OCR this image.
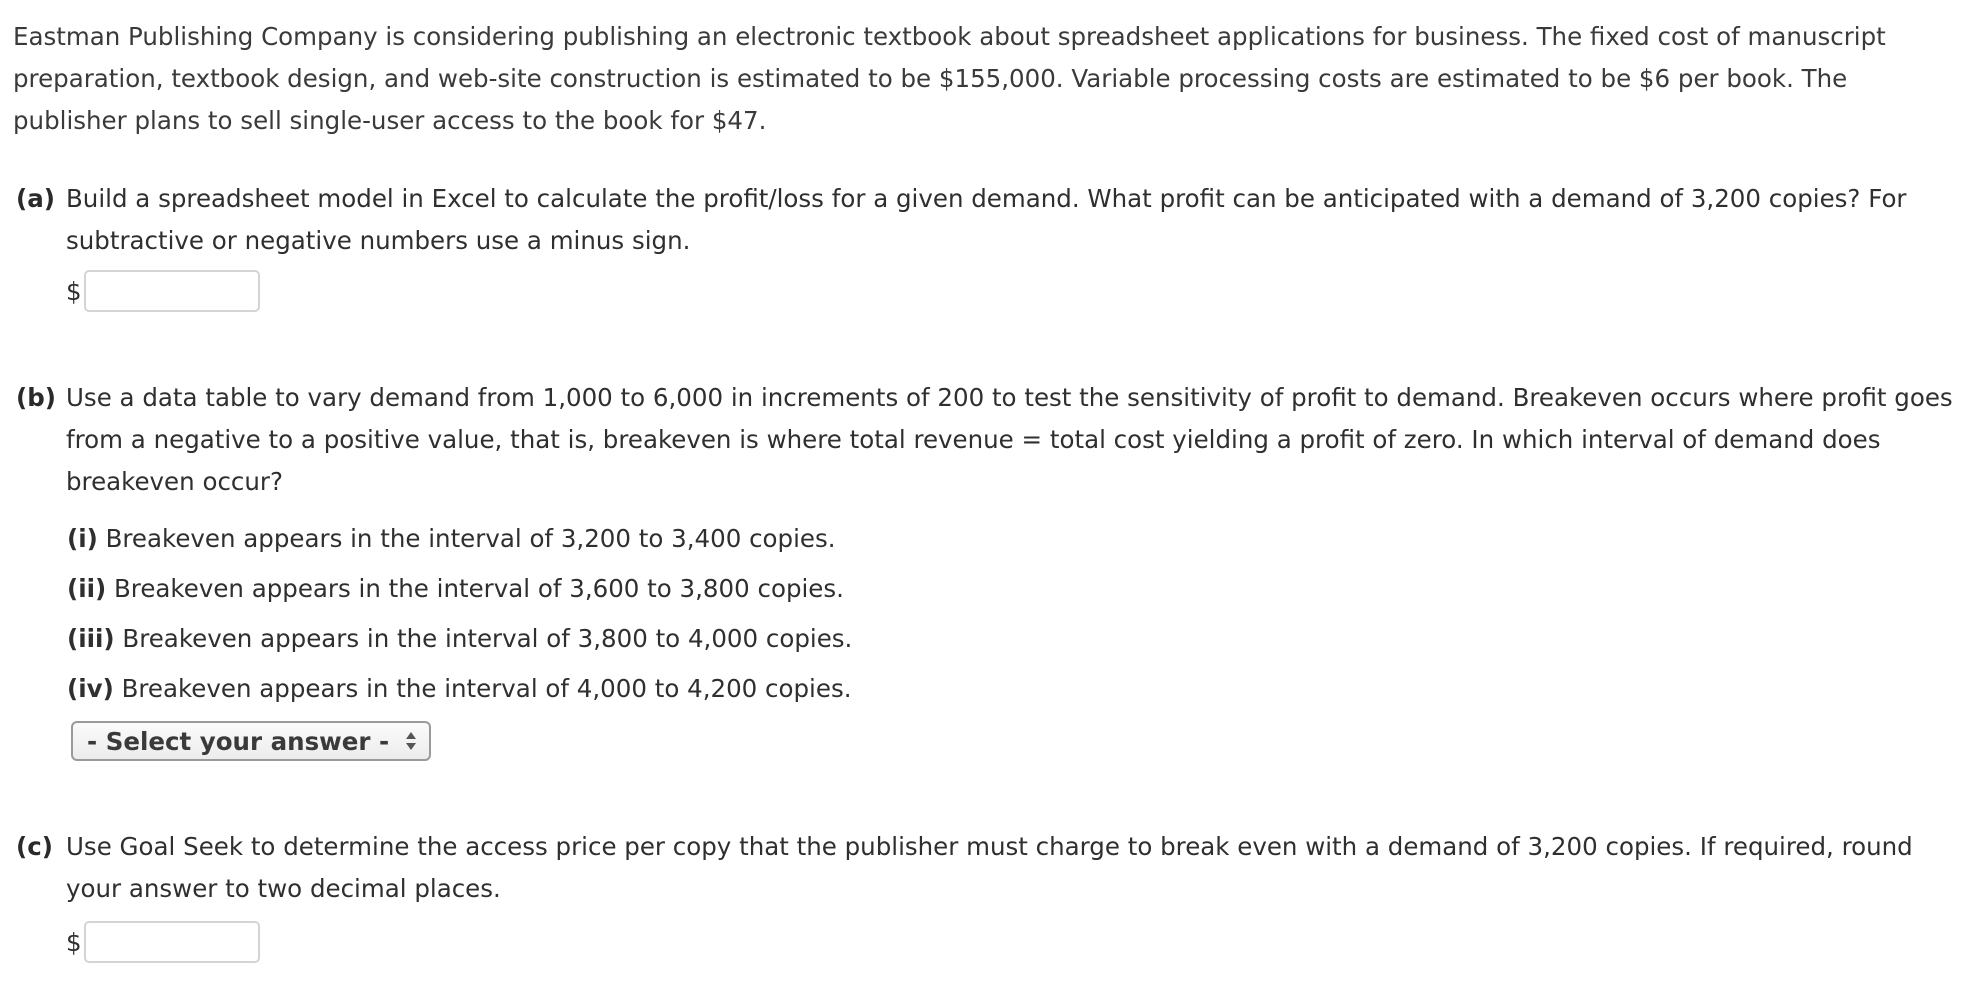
Eastman Publishing Company is considering publishing an electronic textbook about spreadsheet applications for business. The fixed cost of manuscript preparation, textbook design, and web-site construction is estimated to be $155,000. Variable processing costs are estimated to be $6 per book. The publisher plans to sell single-user access to the book for $47.
(a) Build a spreadsheet model in Excel to calculate the profit/loss for a given demand. What profit can be anticipated with a demand of 3,200 copies? For subtractive or negative numbers use a minus sign.
$
(b) Use a data table to vary demand from 1,000 to 6,000 in increments of 200 to test the sensitivity of profit to demand. Breakeven occurs where profit goes from a negative to a positive value, that is, breakeven is where total revenue = total cost yielding a profit of zero. In which interval of demand does breakeven occur?
(i) Breakeven appears in the interval of 3,200 to 3,400 copies.
(ii) Breakeven appears in the interval of 3,600 to 3,800 copies.
(iii) Breakeven appears in the interval of 3,800 to 4,000 copies.
(iv) Breakeven appears in the interval of 4,000 to 4,200 copies.
- Select your answer -
(c) Use Goal Seek to determine the access price per copy that the publisher must charge to break even with a demand of 3,200 copies. If required, round your answer to two decimal places.
$
